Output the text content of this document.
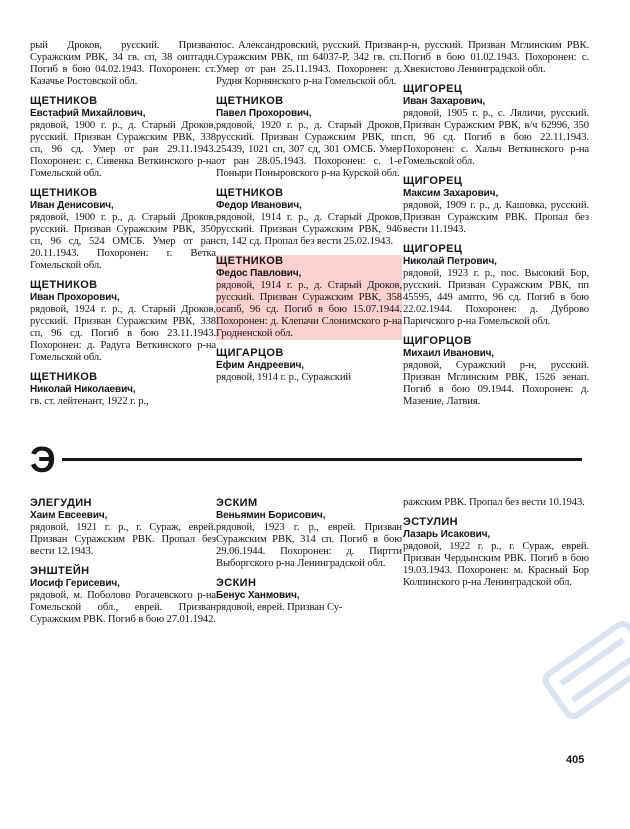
рый Дроков, русский. Призван Суражским РВК, 34 гв. сп, 38 оиптадн. Погиб в бою 04.02.1943. Похоронен: ст. Казачье Ростовской обл.
ЩЕТНИКОВ
Евстафий Михайлович,
рядовой, 1900 г. р., д. Старый Дроков, русский. Призван Суражским РВК, 338 сп, 96 сд. Умер от ран 29.11.1943. Похоронен: с. Сивенка Веткинского р-на Гомельской обл.
ЩЕТНИКОВ
Иван Денисович,
рядовой, 1900 г. р., д. Старый Дроков, русский. Призван Суражским РВК, 350 сп, 96 сд, 524 ОМСБ. Умер от ран 20.11.1943. Похоронен: г. Ветка Гомельской обл.
ЩЕТНИКОВ
Иван Прохорович,
рядовой, 1924 г. р., д. Старый Дроков, русский. Призван Суражским РВК, 338 сп, 96 сд. Погиб в бою 23.11.1943. Похоронен: д. Радуга Веткинского р-на Гомельской обл.
ЩЕТНИКОВ
Николай Николаевич,
гв. ст. лейтенант, 1922 г. р.,
пос. Александровский, русский. Призван Суражским РВК, пп 64037-Р, 342 гв. сп. Умер от ран 25.11.1943. Похоронен: д. Рудня Корнянского р-на Гомельской обл.
ЩЕТНИКОВ
Павел Прохорович,
рядовой, 1920 г. р., д. Старый Дроков, русский. Призван Суражским РВК, пп 25439, 1021 сп, 307 сд, 301 ОМСБ. Умер от ран 28.05.1943. Похоронен: с. 1-е Поныри Поныровского р-на Курской обл.
ЩЕТНИКОВ
Федор Иванович,
рядовой, 1914 г. р., д. Старый Дроков, русский. Призван Суражским РВК, 946 сп, 142 сд. Пропал без вести 25.02.1943.
ЩЕТНИКОВ
Федос Павлович,
рядовой, 1914 г. р., д. Старый Дроков, русский. Призван Суражским РВК, 358 осапб, 96 сд. Погиб в бою 15.07.1944. Похоронен: д. Клепачи Слонимского р-на Гродненской обл.
ЩИГАРЦОВ
Ефим Андреевич,
рядовой, 1914 г. р., Суражский
р-н, русский. Призван Мглинским РВК. Погиб в бою 01.02.1943. Похоронен: с. Хвекистово Ленинградской обл.
ЩИГОРЕЦ
Иван Захарович,
рядовой, 1905 г. р., с. Ляличи, русский. Призван Суражским РВК, в/ч 62996, 350 сп, 96 сд. Погиб в бою 22.11.1943. Похоронен: с. Хальч Веткинского р-на Гомельской обл.
ЩИГОРЕЦ
Максим Захарович,
рядовой, 1909 г. р., д. Кашовка, русский. Призван Суражским РВК. Пропал без вести 11.1943.
ЩИГОРЕЦ
Николай Петрович,
рядовой, 1923 г. р., пос. Высокий Бор, русский. Призван Суражским РВК, пп 45595, 449 ампто, 96 сд. Погиб в бою 22.02.1944. Похоронен: д. Дуброво Паричского р-на Гомельской обл.
ЩИГОРЦОВ
Михаил Иванович,
рядовой, Суражский р-н, русский. Призван Мглинским РВК, 1526 зенап. Погиб в бою 09.1944. Похоронен: д. Мазение, Латвия.
Э
ЭЛЕГУДИН
Хаим Евсеевич,
рядовой, 1921 г. р., г. Сураж, еврей. Призван Суражским РВК. Пропал без вести 12.1943.
ЭНШТЕЙН
Иосиф Герисевич,
рядовой, м. Поболово Рогачевского р-на Гомельской обл., еврей. Призван Суражским РВК. Погиб в бою 27.01.1942.
ЭСКИМ
Веньямин Борисович,
рядовой, 1923 г. р., еврей. Призван Суражским РВК, 314 сп. Погиб в бою 29.06.1944. Похоронен: д. Пиртти Выборгского р-на Ленинградской обл.
ЭСКИН
Бенус Ханмович,
рядовой, еврей. Призван Су-
ражским РВК. Пропал без вести 10.1943.
ЭСТУЛИН
Лазарь Исакович,
рядовой, 1922 г. р., г. Сураж, еврей. Призван Чердынским РВК. Погиб в бою 19.03.1943. Похоронен: м. Красный Бор Колпинского р-на Ленинградской обл.
405
